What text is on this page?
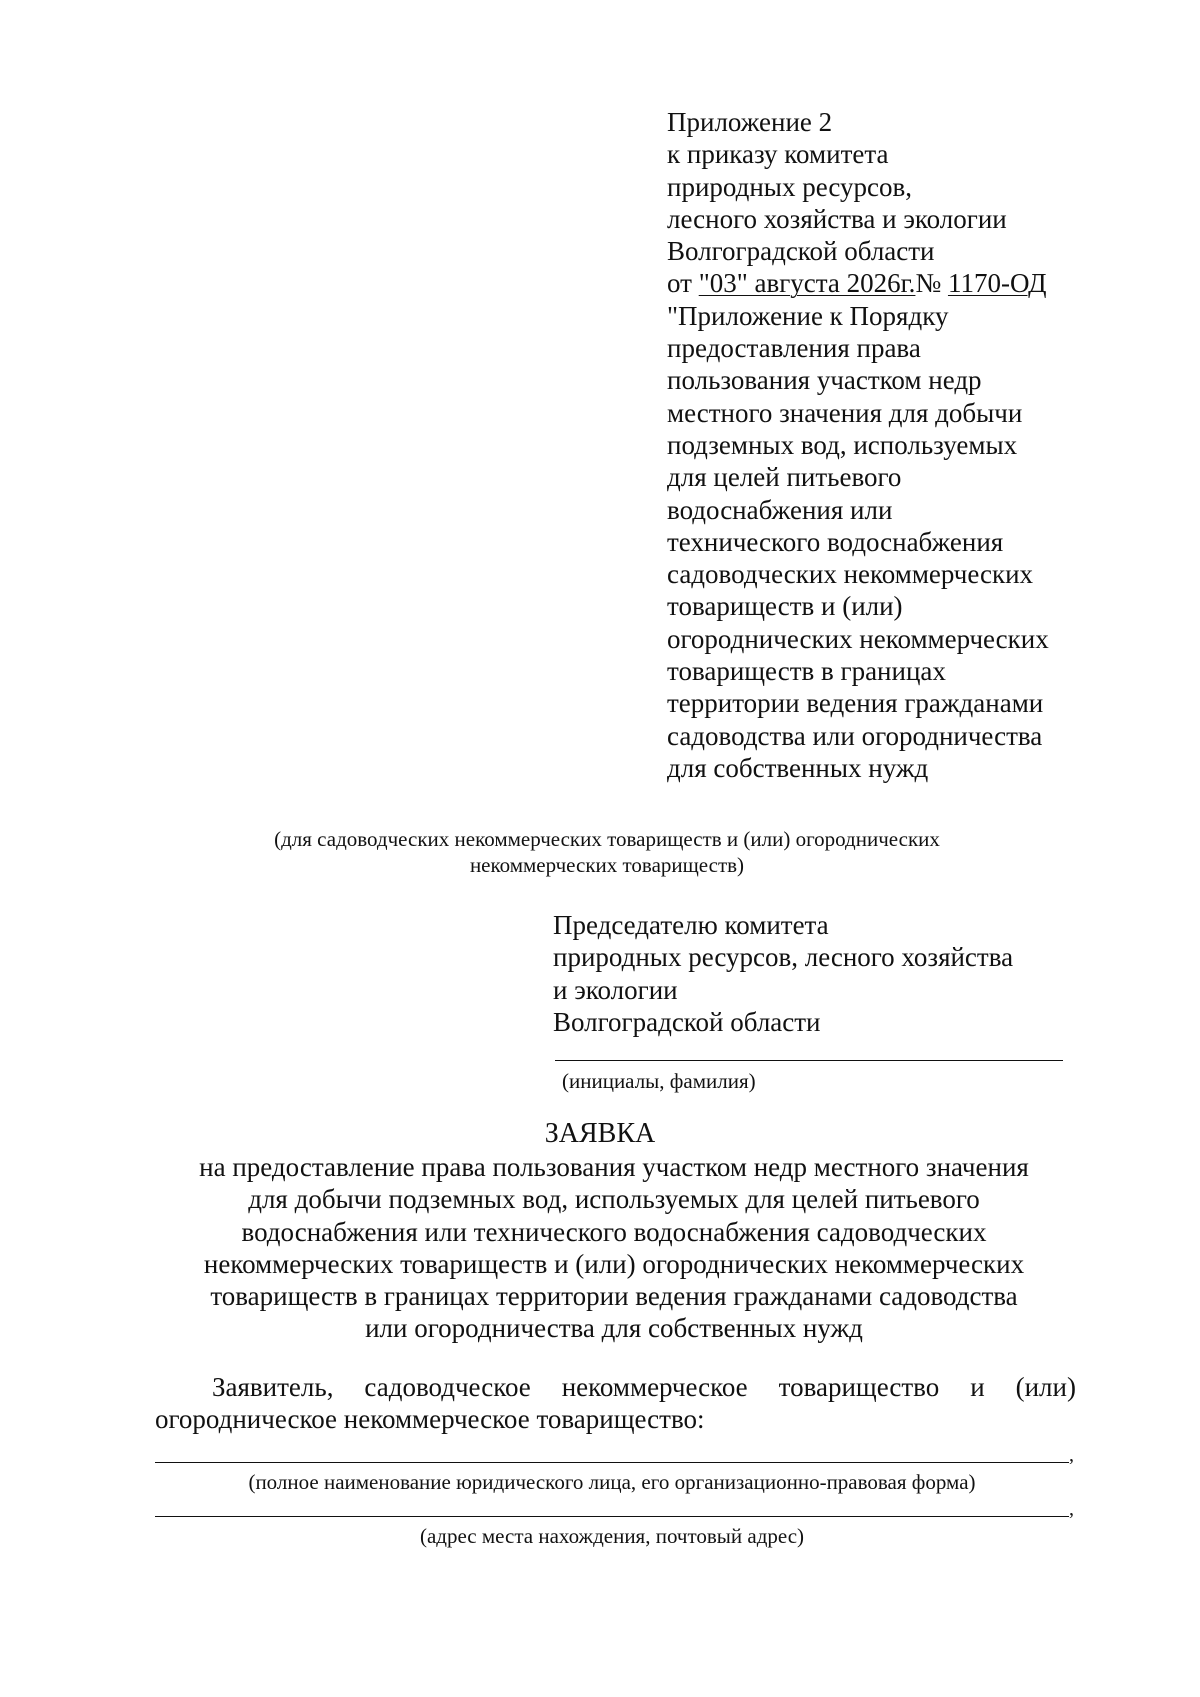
Приложение 2
к приказу комитета
природных ресурсов,
лесного хозяйства и экологии
Волгоградской области
от "03" августа 2026г.№ 1170-ОД
"Приложение к Порядку
предоставления права
пользования участком недр
местного значения для добычи
подземных вод, используемых
для целей питьевого
водоснабжения или
технического водоснабжения
садоводческих некоммерческих
товариществ и (или)
огороднических некоммерческих
товариществ в границах
территории ведения гражданами
садоводства или огородничества
для собственных нужд
(для садоводческих некоммерческих товариществ и (или) огороднических
некоммерческих товариществ)
Председателю комитета
природных ресурсов, лесного хозяйства
и экологии
Волгоградской области
(инициалы, фамилия)
ЗАЯВКА
на предоставление права пользования участком недр местного значения
для добычи подземных вод, используемых для целей питьевого
водоснабжения или технического водоснабжения садоводческих
некоммерческих товариществ и (или) огороднических некоммерческих
товариществ в границах территории ведения гражданами садоводства
или огородничества для собственных нужд
Заявитель, садоводческое некоммерческое товарищество и (или)
огородническое некоммерческое товарищество:
,
(полное наименование юридического лица, его организационно-правовая форма)
,
(адрес места нахождения, почтовый адрес)
